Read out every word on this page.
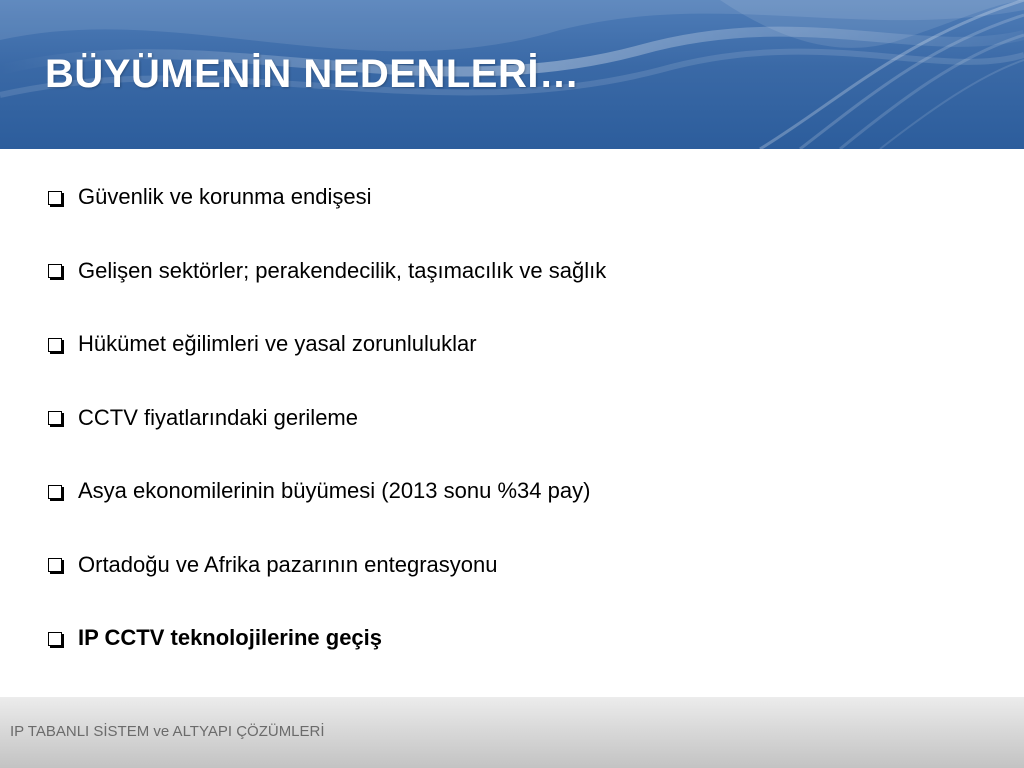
BÜYÜMENİN NEDENLERİ…
Güvenlik ve korunma endişesi
Gelişen sektörler; perakendecilik, taşımacılık ve sağlık
Hükümet eğilimleri ve yasal zorunluluklar
CCTV fiyatlarındaki gerileme
Asya ekonomilerinin büyümesi (2013 sonu %34 pay)
Ortadoğu ve Afrika pazarının entegrasyonu
IP CCTV teknolojilerine geçiş
IP TABANLI SİSTEM ve ALTYAPI ÇÖZÜMLERİ
